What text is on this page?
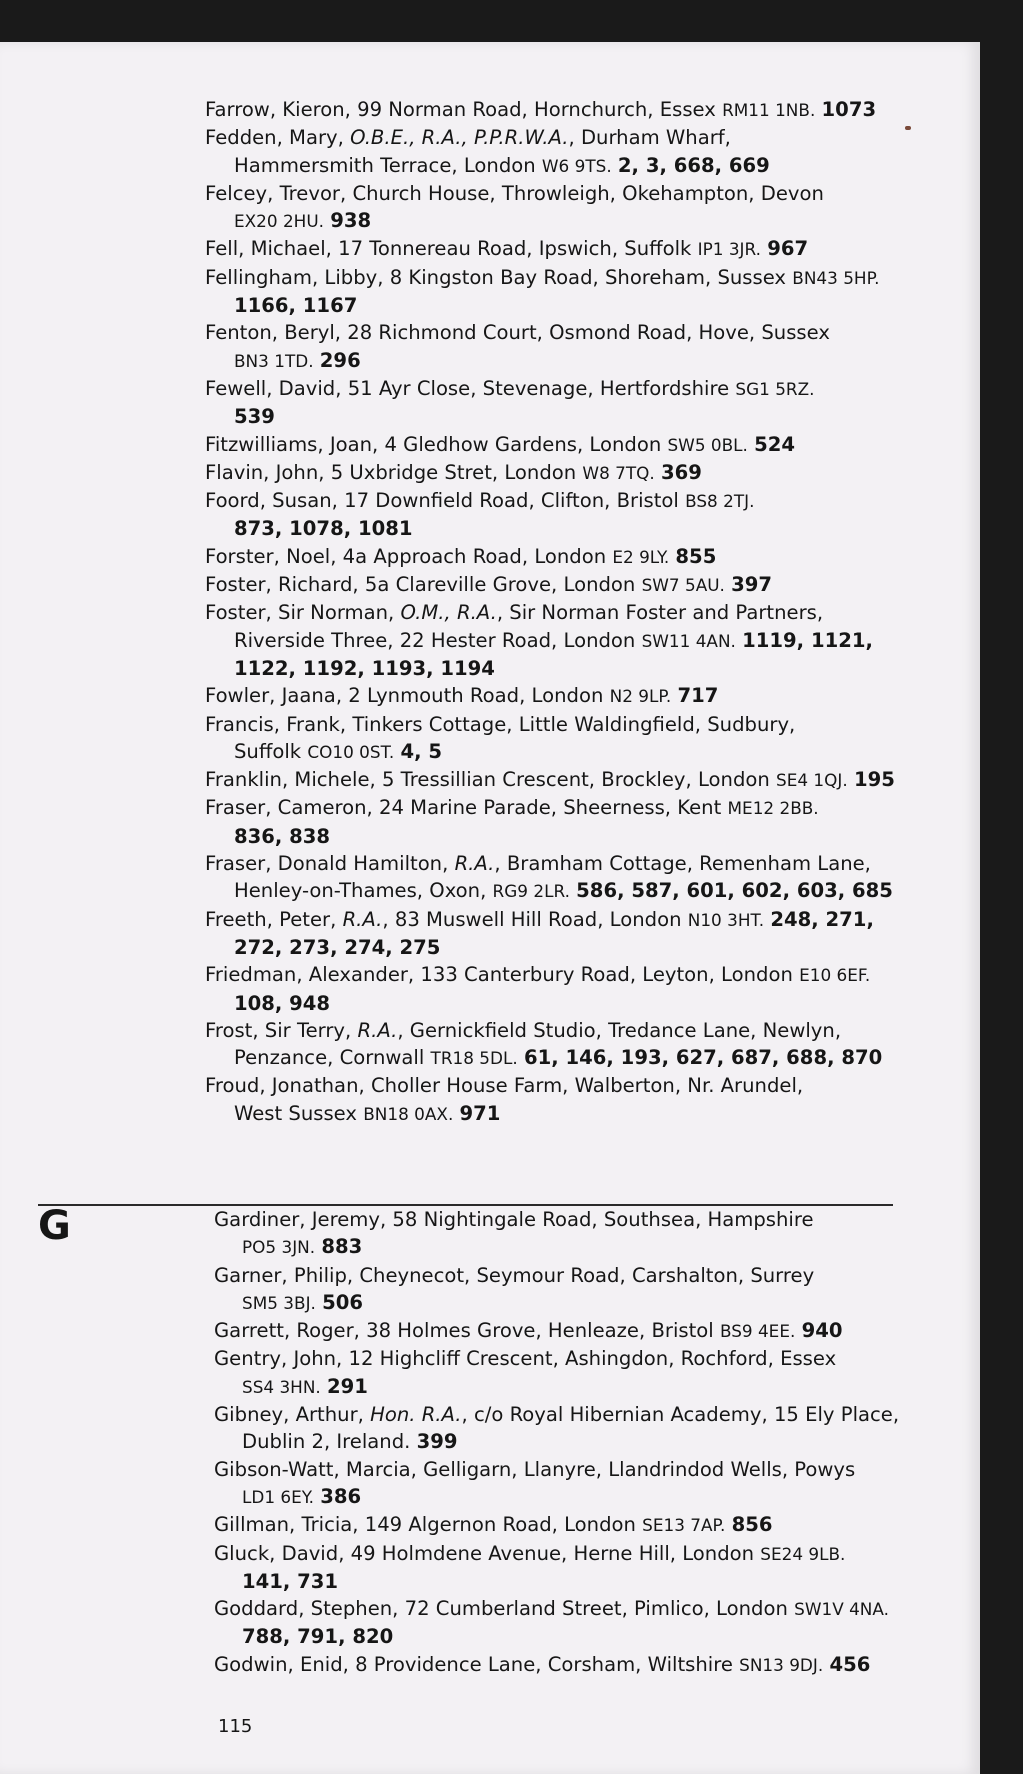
Farrow, Kieron, 99 Norman Road, Hornchurch, Essex RM11 1NB. 1073
Fedden, Mary, O.B.E., R.A., P.P.R.W.A., Durham Wharf,
Hammersmith Terrace, London W6 9TS. 2, 3, 668, 669
Felcey, Trevor, Church House, Throwleigh, Okehampton, Devon
EX20 2HU. 938
Fell, Michael, 17 Tonnereau Road, Ipswich, Suffolk IP1 3JR. 967
Fellingham, Libby, 8 Kingston Bay Road, Shoreham, Sussex BN43 5HP.
1166, 1167
Fenton, Beryl, 28 Richmond Court, Osmond Road, Hove, Sussex
BN3 1TD. 296
Fewell, David, 51 Ayr Close, Stevenage, Hertfordshire SG1 5RZ.
539
Fitzwilliams, Joan, 4 Gledhow Gardens, London SW5 0BL. 524
Flavin, John, 5 Uxbridge Stret, London W8 7TQ. 369
Foord, Susan, 17 Downfield Road, Clifton, Bristol BS8 2TJ.
873, 1078, 1081
Forster, Noel, 4a Approach Road, London E2 9LY. 855
Foster, Richard, 5a Clareville Grove, London SW7 5AU. 397
Foster, Sir Norman, O.M., R.A., Sir Norman Foster and Partners,
Riverside Three, 22 Hester Road, London SW11 4AN. 1119, 1121,
1122, 1192, 1193, 1194
Fowler, Jaana, 2 Lynmouth Road, London N2 9LP. 717
Francis, Frank, Tinkers Cottage, Little Waldingfield, Sudbury,
Suffolk CO10 0ST. 4, 5
Franklin, Michele, 5 Tressillian Crescent, Brockley, London SE4 1QJ. 195
Fraser, Cameron, 24 Marine Parade, Sheerness, Kent ME12 2BB.
836, 838
Fraser, Donald Hamilton, R.A., Bramham Cottage, Remenham Lane,
Henley-on-Thames, Oxon, RG9 2LR. 586, 587, 601, 602, 603, 685
Freeth, Peter, R.A., 83 Muswell Hill Road, London N10 3HT. 248, 271,
272, 273, 274, 275
Friedman, Alexander, 133 Canterbury Road, Leyton, London E10 6EF.
108, 948
Frost, Sir Terry, R.A., Gernickfield Studio, Tredance Lane, Newlyn,
Penzance, Cornwall TR18 5DL. 61, 146, 193, 627, 687, 688, 870
Froud, Jonathan, Choller House Farm, Walberton, Nr. Arundel,
West Sussex BN18 0AX. 971
G	Gardiner, Jeremy, 58 Nightingale Road, Southsea, Hampshire
PO5 3JN. 883
Garner, Philip, Cheynecot, Seymour Road, Carshalton, Surrey
SM5 3BJ. 506
Garrett, Roger, 38 Holmes Grove, Henleaze, Bristol BS9 4EE. 940
Gentry, John, 12 Highcliff Crescent, Ashingdon, Rochford, Essex
SS4 3HN. 291
Gibney, Arthur, Hon. R.A., c/o Royal Hibernian Academy, 15 Ely Place,
Dublin 2, Ireland. 399
Gibson-Watt, Marcia, Gelligarn, Llanyre, Llandrindod Wells, Powys
LD1 6EY. 386
Gillman, Tricia, 149 Algernon Road, London SE13 7AP. 856
Gluck, David, 49 Holmdene Avenue, Herne Hill, London SE24 9LB.
141, 731
Goddard, Stephen, 72 Cumberland Street, Pimlico, London SW1V 4NA.
788, 791, 820
Godwin, Enid, 8 Providence Lane, Corsham, Wiltshire SN13 9DJ. 456
115
